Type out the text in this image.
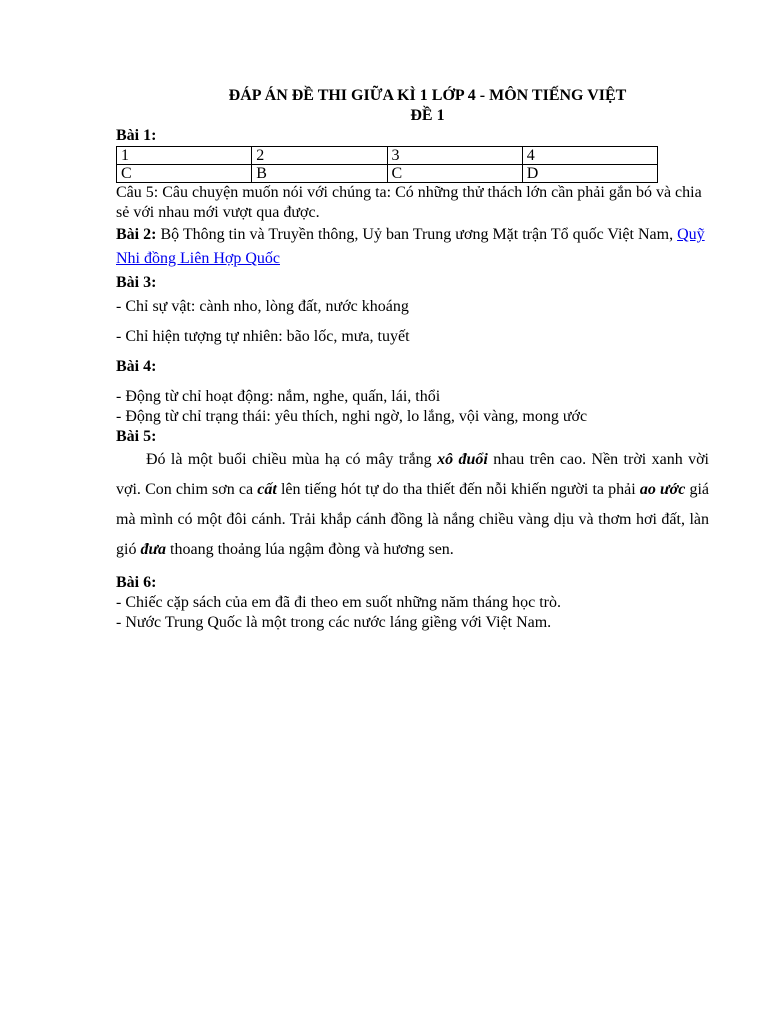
ĐÁP ÁN ĐỀ THI GIỮA KÌ 1 LỚP 4 - MÔN TIẾNG VIỆT
ĐỀ 1
Bài 1:
1	2	3	4
C	B	C	D
Câu 5: Câu chuyện muốn nói với chúng ta: Có những thử thách lớn cần phải gắn bó và chia sẻ với nhau mới vượt qua được.
Bài 2: Bộ Thông tin và Truyền thông, Uỷ ban Trung ương Mặt trận Tổ quốc Việt Nam, Quỹ Nhi đồng Liên Hợp Quốc
Bài 3:
- Chỉ sự vật: cành nho, lòng đất, nước khoáng
- Chỉ hiện tượng tự nhiên: bão lốc, mưa, tuyết
Bài 4:
- Động từ chỉ hoạt động: nắm, nghe, quấn, lái, thổi
- Động từ chỉ trạng thái: yêu thích, nghi ngờ, lo lắng, vội vàng, mong ước
Bài 5:
Đó là một buổi chiều mùa hạ có mây trắng xô đuổi nhau trên cao. Nền trời xanh vời vợi. Con chim sơn ca cất lên tiếng hót tự do tha thiết đến nỗi khiến người ta phải ao ước giá mà mình có một đôi cánh. Trải khắp cánh đồng là nắng chiều vàng dịu và thơm hơi đất, làn gió đưa thoang thoảng lúa ngậm đòng và hương sen.
Bài 6:
- Chiếc cặp sách của em đã đi theo em suốt những năm tháng học trò.
- Nước Trung Quốc là một trong các nước láng giềng với Việt Nam.
